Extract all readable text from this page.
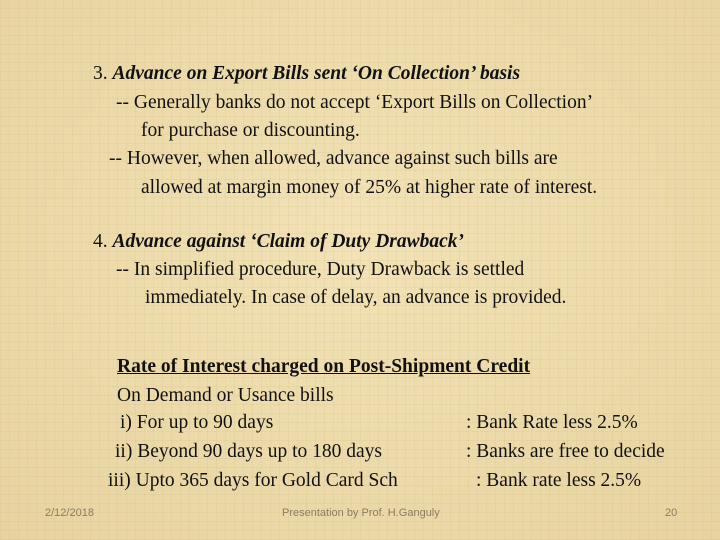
3. Advance on Export Bills sent ‘On Collection’ basis
-- Generally banks do not accept ‘Export Bills on Collection’
for purchase or discounting.
-- However, when allowed, advance against such bills are
allowed at margin money of 25% at higher rate of interest.
4. Advance against ‘Claim of Duty Drawback’
-- In simplified procedure, Duty Drawback is settled
immediately. In case of delay, an advance is provided.
Rate of Interest charged on Post-Shipment Credit
On Demand or Usance bills
i) For up to 90 days	: Bank Rate less 2.5%
ii) Beyond 90 days up to 180 days	: Banks are free to decide
iii) Upto 365 days for Gold Card Sch	: Bank rate less 2.5%
2/12/2018	Presentation by Prof. H.Ganguly	20
